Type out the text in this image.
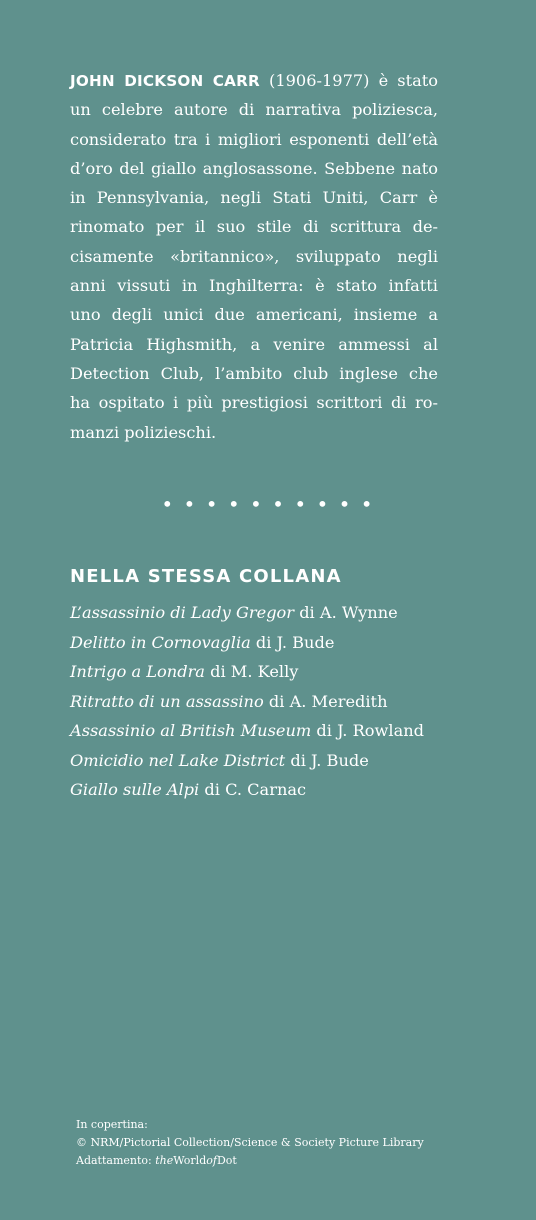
JOHN DICKSON CARR (1906-1977) è stato
un celebre autore di narrativa poliziesca,
considerato tra i migliori esponenti dell’età
d’oro del giallo anglosassone. Sebbene nato
in Pennsylvania, negli Stati Uniti, Carr è
rinomato per il suo stile di scrittura de-
cisamente «britannico», sviluppato negli
anni vissuti in Inghilterra: è stato infatti
uno degli unici due americani, insieme a
Patricia Highsmith, a venire ammessi al
Detection Club, l’ambito club inglese che
ha ospitato i più prestigiosi scrittori di ro-
manzi polizieschi.
• • • • • • • • • •
NELLA STESSA COLLANA
L’assassinio di Lady Gregor di A. Wynne
Delitto in Cornovaglia di J. Bude
Intrigo a Londra di M. Kelly
Ritratto di un assassino di A. Meredith
Assassinio al British Museum di J. Rowland
Omicidio nel Lake District di J. Bude
Giallo sulle Alpi di C. Carnac
In copertina:
© NRM/Pictorial Collection/Science & Society Picture Library
Adattamento: theWorldofDot
